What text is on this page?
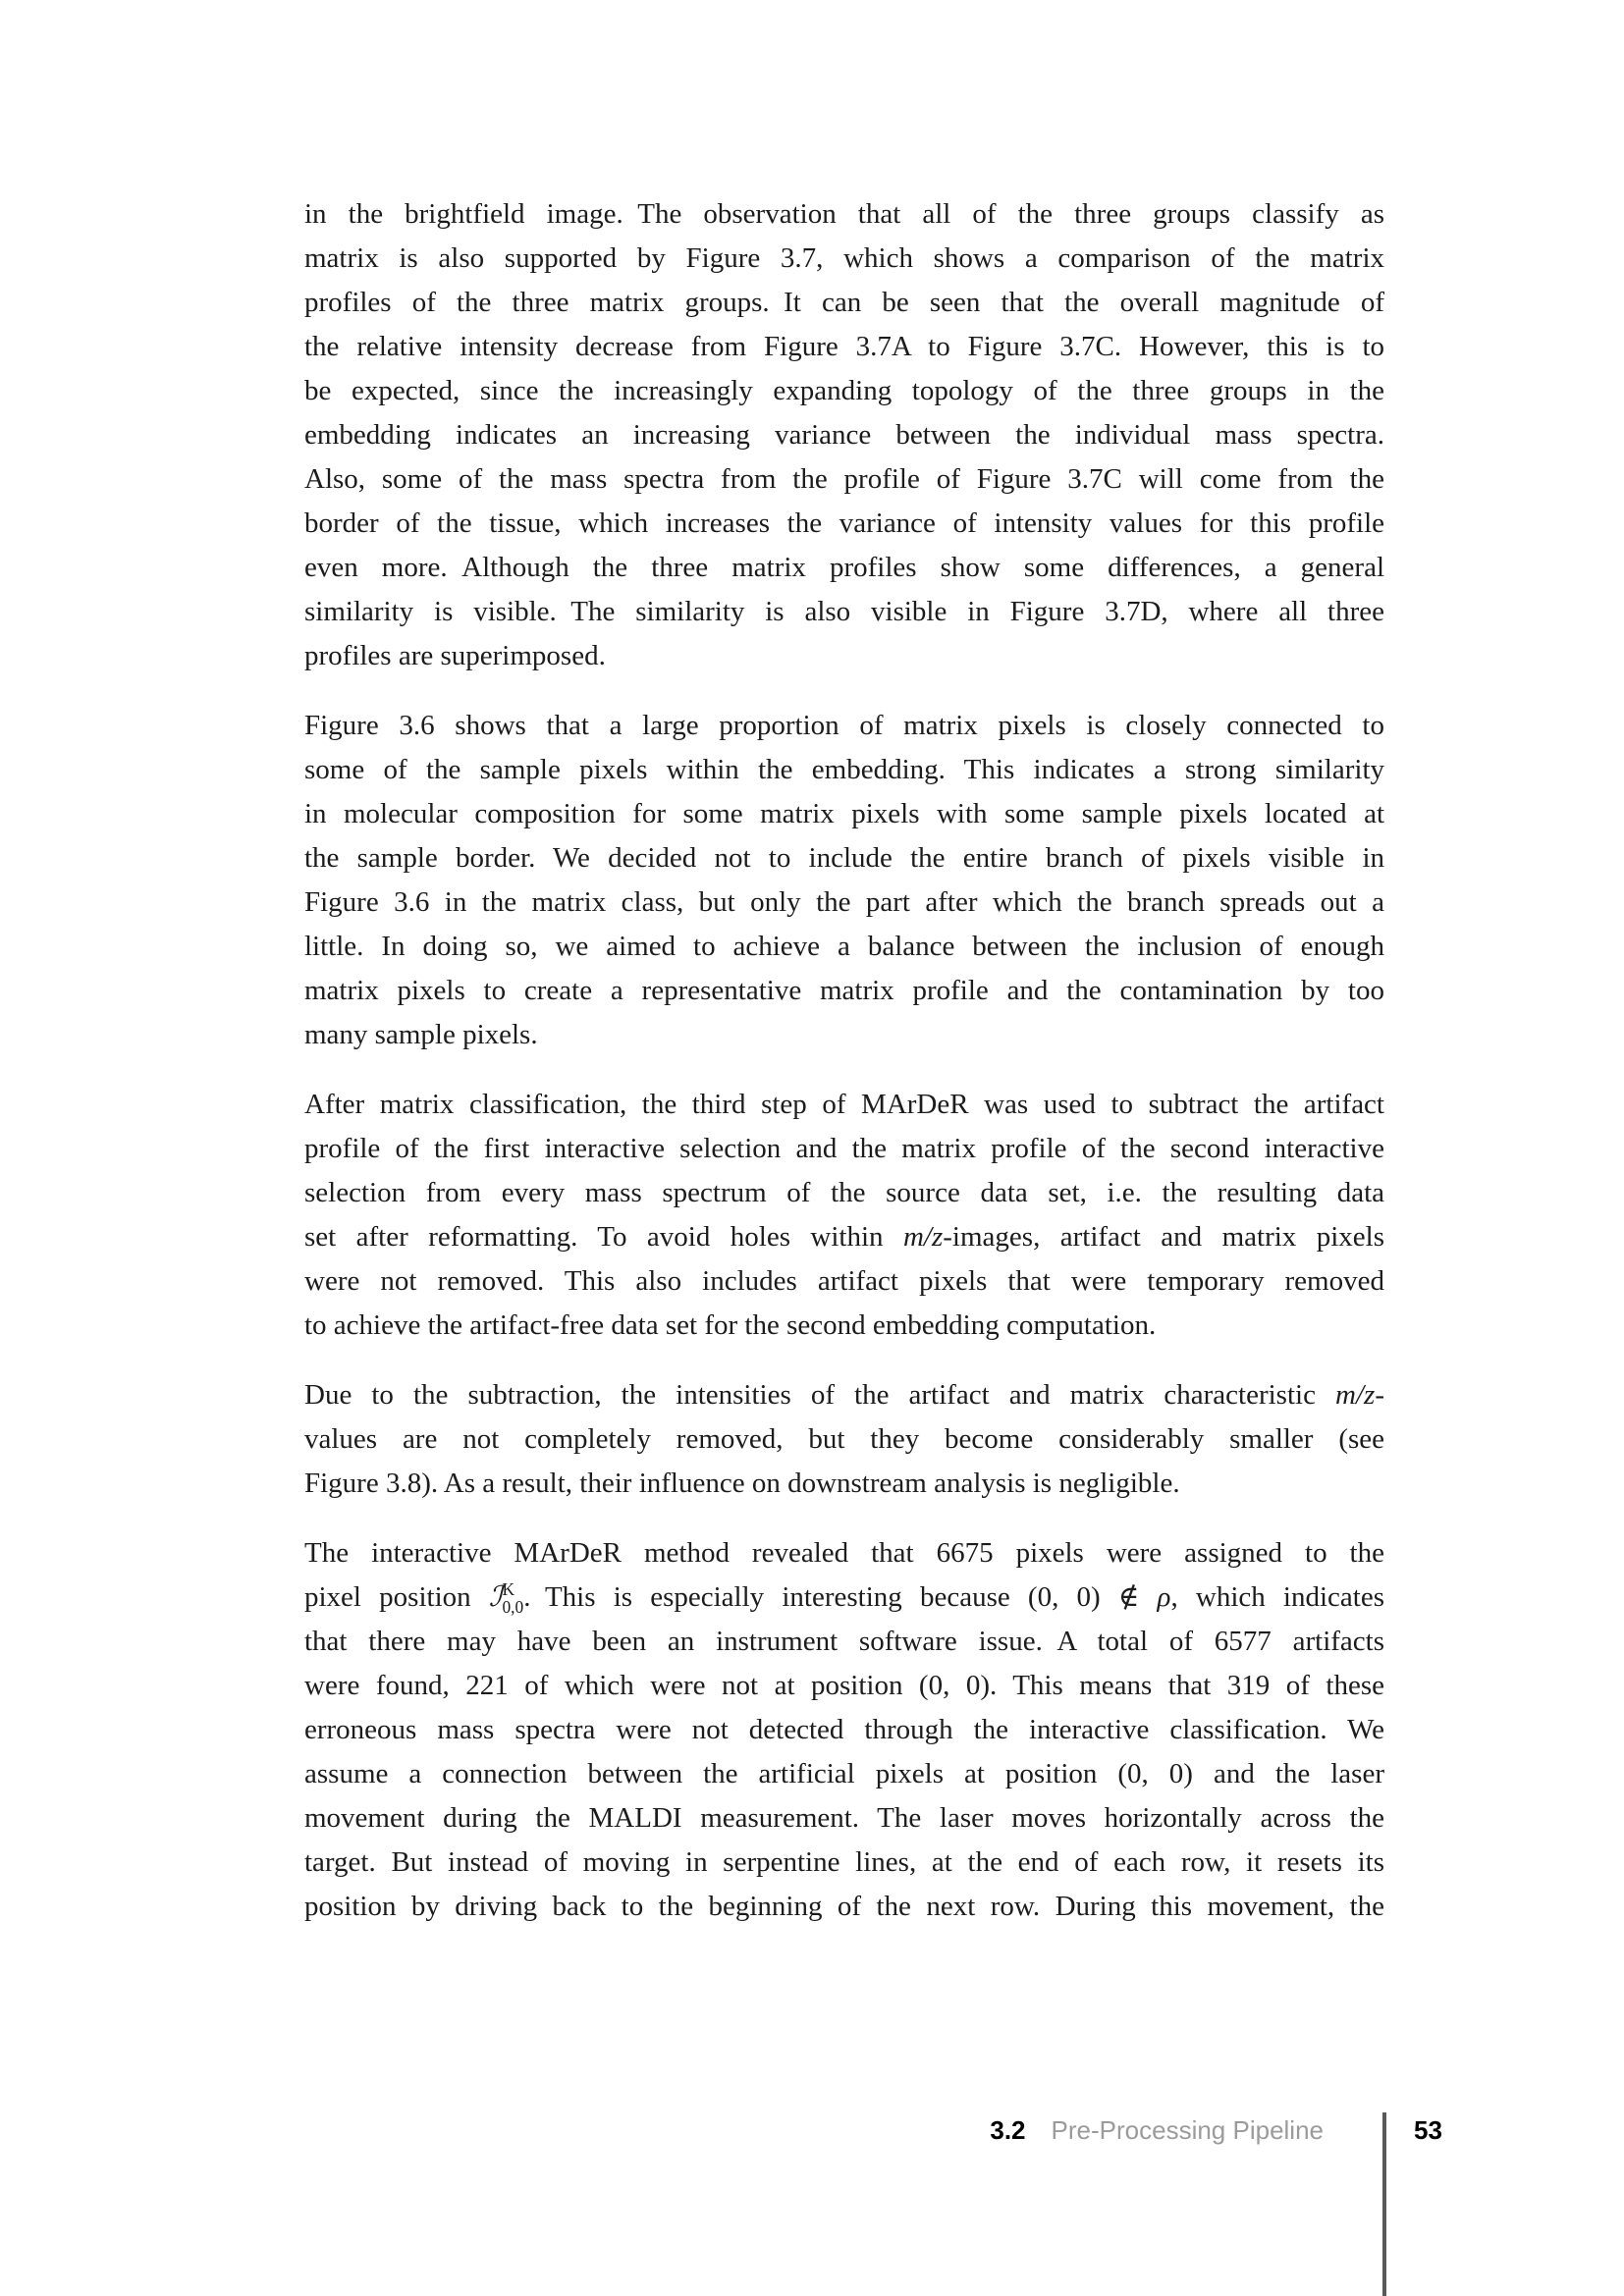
in the brightfield image. The observation that all of the three groups classify as
matrix is also supported by Figure 3.7, which shows a comparison of the matrix
profiles of the three matrix groups. It can be seen that the overall magnitude of
the relative intensity decrease from Figure 3.7A to Figure 3.7C. However, this is to
be expected, since the increasingly expanding topology of the three groups in the
embedding indicates an increasing variance between the individual mass spectra.
Also, some of the mass spectra from the profile of Figure 3.7C will come from the
border of the tissue, which increases the variance of intensity values for this profile
even more. Although the three matrix profiles show some differences, a general
similarity is visible. The similarity is also visible in Figure 3.7D, where all three
profiles are superimposed.
Figure 3.6 shows that a large proportion of matrix pixels is closely connected to
some of the sample pixels within the embedding. This indicates a strong similarity
in molecular composition for some matrix pixels with some sample pixels located at
the sample border. We decided not to include the entire branch of pixels visible in
Figure 3.6 in the matrix class, but only the part after which the branch spreads out a
little. In doing so, we aimed to achieve a balance between the inclusion of enough
matrix pixels to create a representative matrix profile and the contamination by too
many sample pixels.
After matrix classification, the third step of MArDeR was used to subtract the artifact
profile of the first interactive selection and the matrix profile of the second interactive
selection from every mass spectrum of the source data set, i.e. the resulting data
set after reformatting. To avoid holes within m/z-images, artifact and matrix pixels
were not removed. This also includes artifact pixels that were temporary removed
to achieve the artifact-free data set for the second embedding computation.
Due to the subtraction, the intensities of the artifact and matrix characteristic m/z-
values are not completely removed, but they become considerably smaller (see
Figure 3.8). As a result, their influence on downstream analysis is negligible.
The interactive MArDeR method revealed that 6675 pixels were assigned to the
pixel position ℐ K
0,0 . This is especially interesting because (0, 0) ∉ ρ, which indicates
that there may have been an instrument software issue. A total of 6577 artifacts
were found, 221 of which were not at position (0, 0). This means that 319 of these
erroneous mass spectra were not detected through the interactive classification. We
assume a connection between the artificial pixels at position (0, 0) and the laser
movement during the MALDI measurement. The laser moves horizontally across the
target. But instead of moving in serpentine lines, at the end of each row, it resets its
position by driving back to the beginning of the next row. During this movement, the
3.2 Pre-Processing Pipeline	53
